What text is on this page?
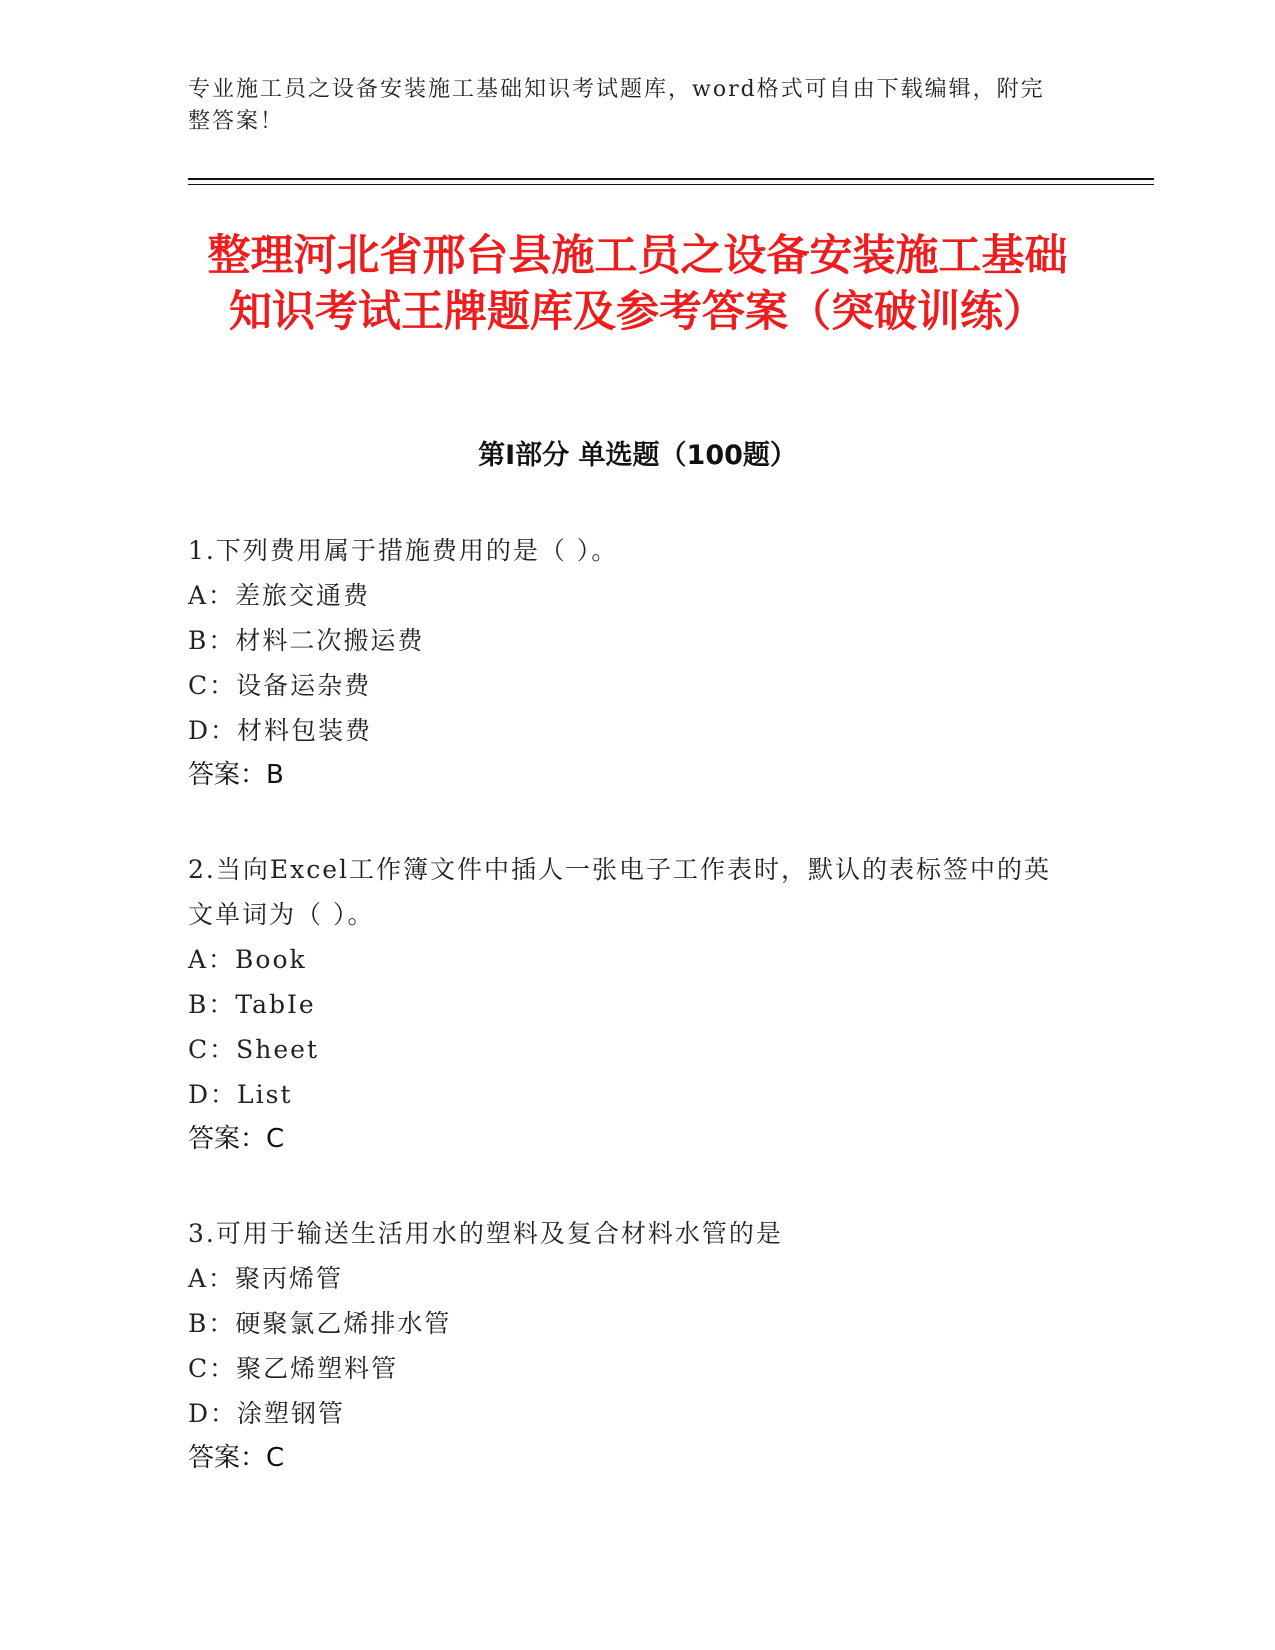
专业施工员之设备安装施工基础知识考试题库，word格式可自由下载编辑，附完整答案！
整理河北省邢台县施工员之设备安装施工基础知识考试王牌题库及参考答案（突破训练）
第Ⅰ部分 单选题（100题）
1.下列费用属于措施费用的是（ ）。
A：差旅交通费
B：材料二次搬运费
C：设备运杂费
D：材料包装费
答案：B
2.当向Excel工作簿文件中插人一张电子工作表时，默认的表标签中的英文单词为（ ）。
A：Book
B：TabIe
C：Sheet
D：List
答案：C
3.可用于输送生活用水的塑料及复合材料水管的是
A：聚丙烯管
B：硬聚氯乙烯排水管
C：聚乙烯塑料管
D：涂塑钢管
答案：C
